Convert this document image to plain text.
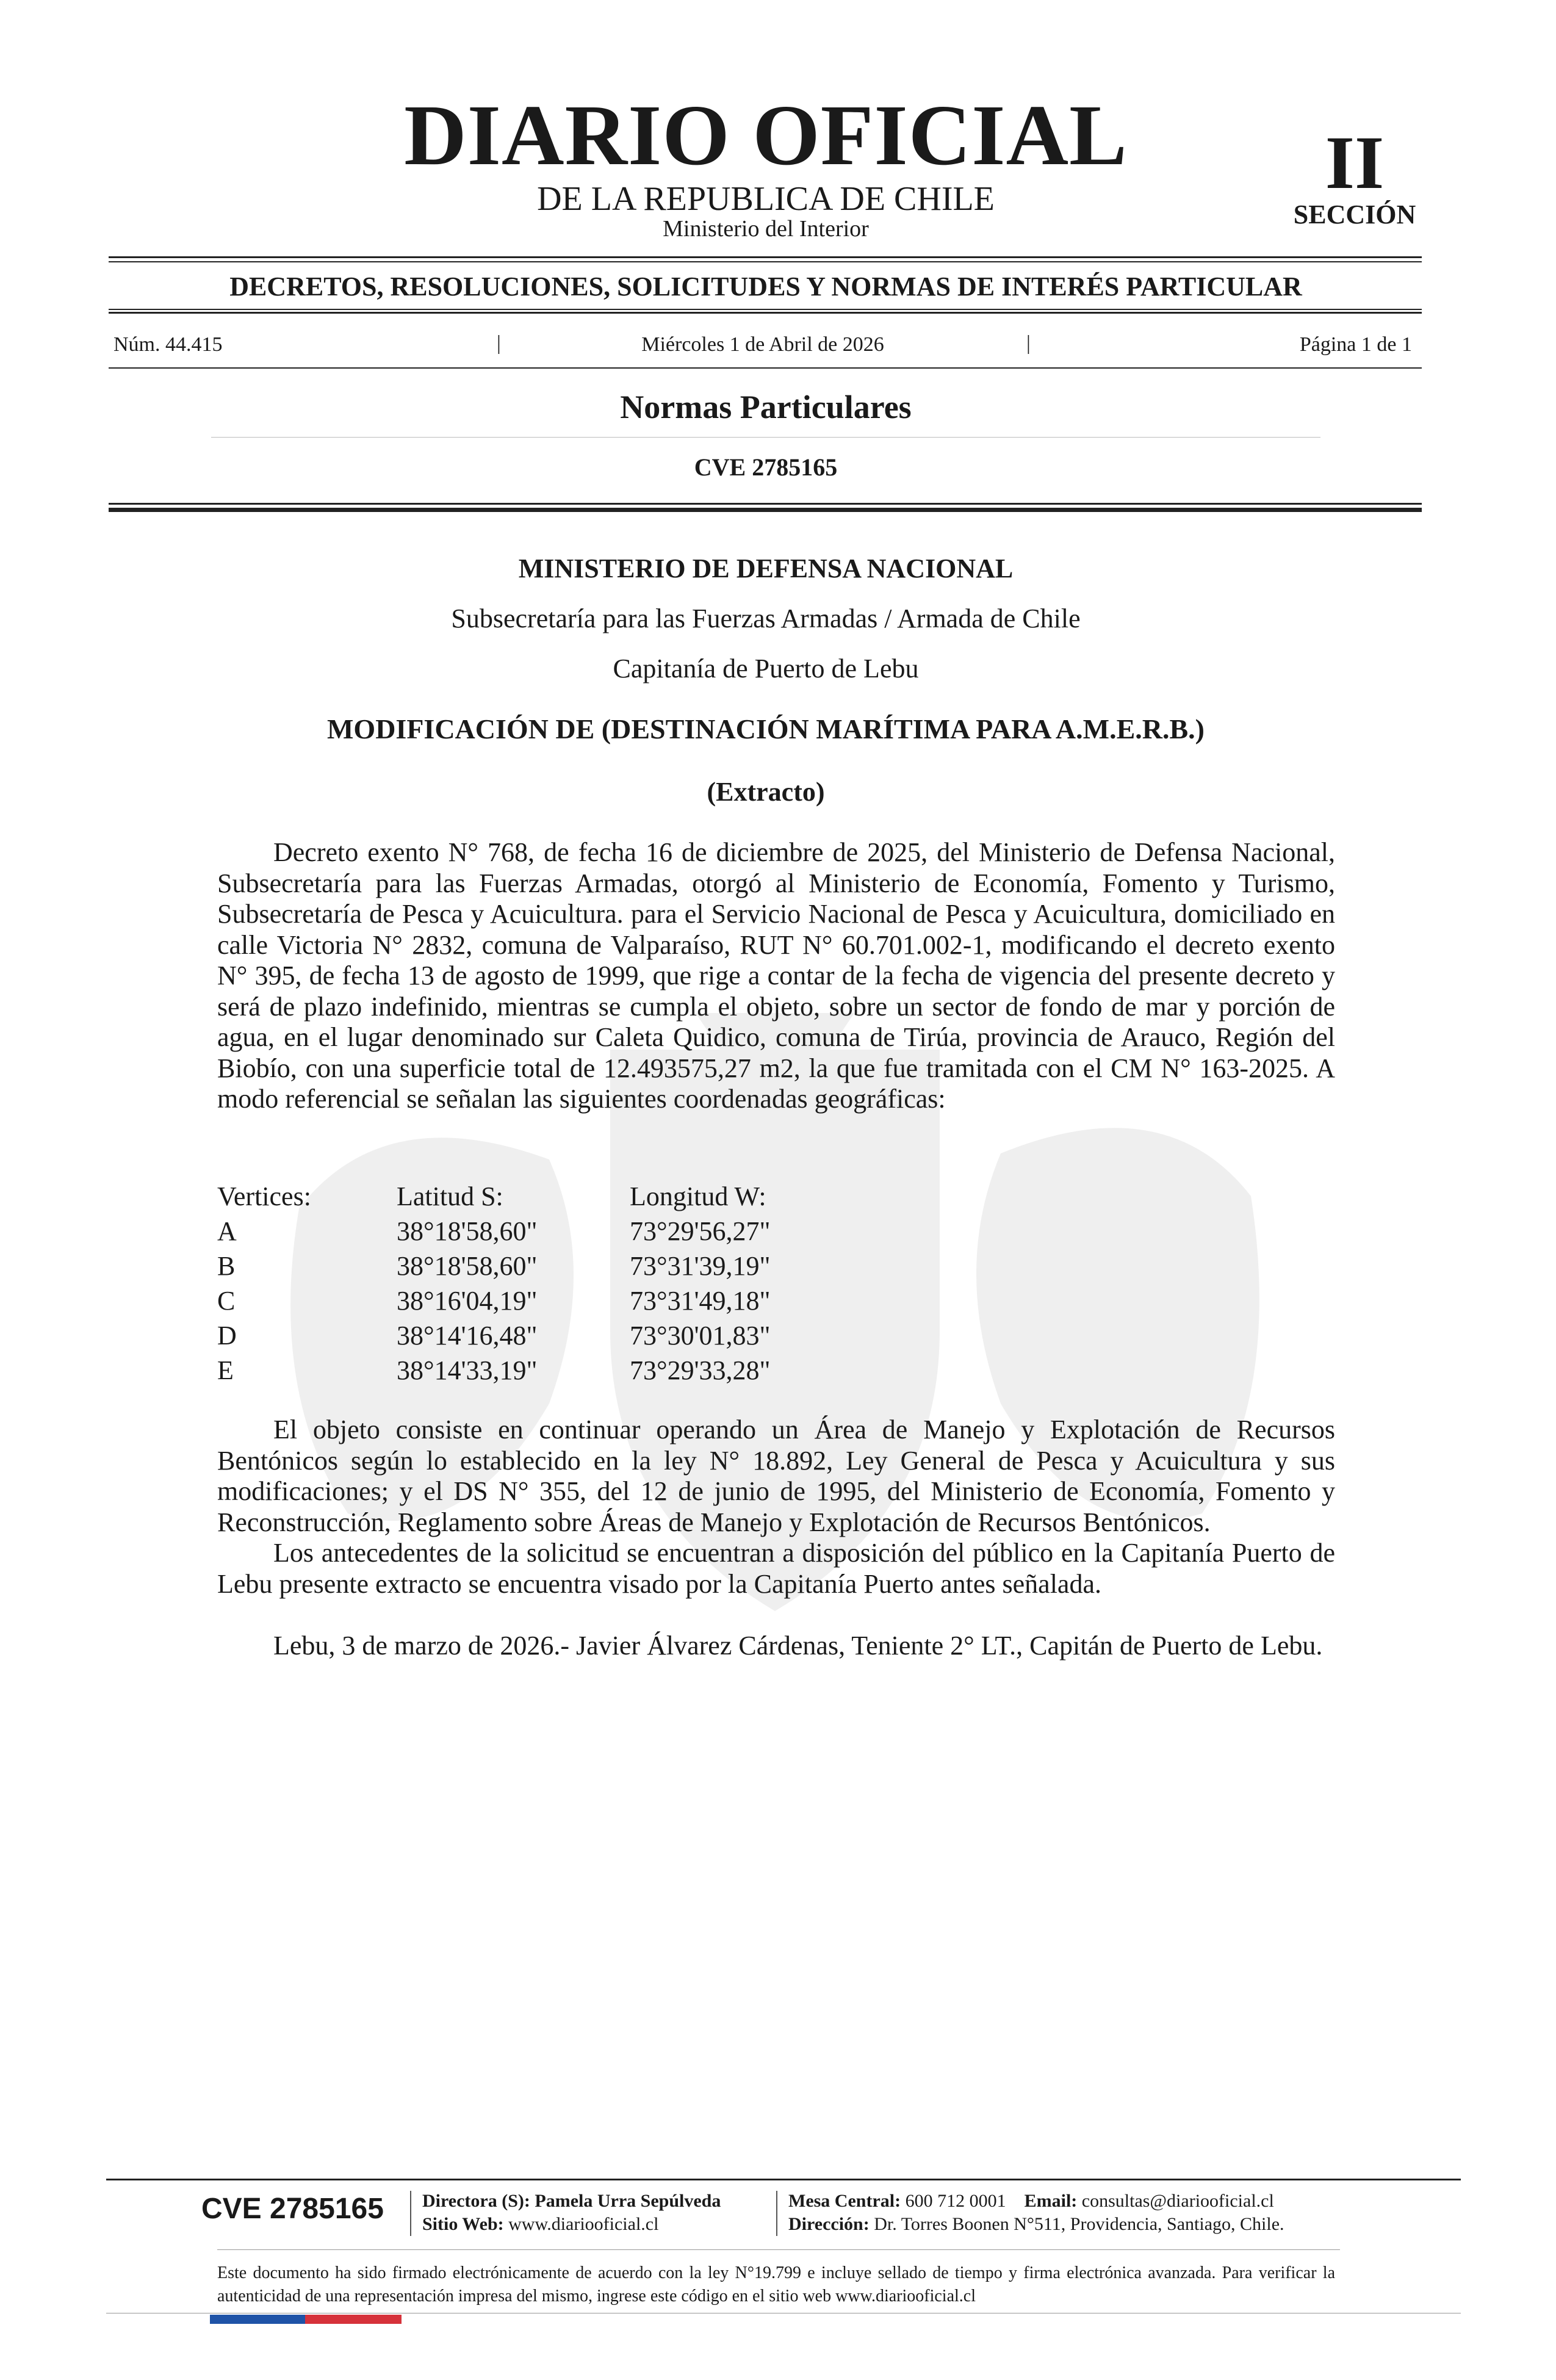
DIARIO OFICIAL
DE LA REPUBLICA DE CHILE
Ministerio del Interior
II
SECCIÓN
DECRETOS, RESOLUCIONES, SOLICITUDES Y NORMAS DE INTERÉS PARTICULAR
Núm. 44.415	|	Miércoles 1 de Abril de 2026	|	Página 1 de 1
Normas Particulares
CVE 2785165
MINISTERIO DE DEFENSA NACIONAL
Subsecretaría para las Fuerzas Armadas / Armada de Chile
Capitanía de Puerto de Lebu
MODIFICACIÓN DE (DESTINACIÓN MARÍTIMA PARA A.M.E.R.B.)
(Extracto)
Decreto exento N° 768, de fecha 16 de diciembre de 2025, del Ministerio de Defensa Nacional, Subsecretaría para las Fuerzas Armadas, otorgó al Ministerio de Economía, Fomento y Turismo, Subsecretaría de Pesca y Acuicultura. para el Servicio Nacional de Pesca y Acuicultura, domiciliado en calle Victoria N° 2832, comuna de Valparaíso, RUT N° 60.701.002-1, modificando el decreto exento N° 395, de fecha 13 de agosto de 1999, que rige a contar de la fecha de vigencia del presente decreto y será de plazo indefinido, mientras se cumpla el objeto, sobre un sector de fondo de mar y porción de agua, en el lugar denominado sur Caleta Quidico, comuna de Tirúa, provincia de Arauco, Región del Biobío, con una superficie total de 12.493575,27 m2, la que fue tramitada con el CM N° 163-2025. A modo referencial se señalan las siguientes coordenadas geográficas:
Vertices:	Latitud S:	Longitud W:
A	38°18'58,60"	73°29'56,27"
B	38°18'58,60"	73°31'39,19"
C	38°16'04,19"	73°31'49,18"
D	38°14'16,48"	73°30'01,83"
E	38°14'33,19"	73°29'33,28"
El objeto consiste en continuar operando un Área de Manejo y Explotación de Recursos Bentónicos según lo establecido en la ley N° 18.892, Ley General de Pesca y Acuicultura y sus modificaciones; y el DS N° 355, del 12 de junio de 1995, del Ministerio de Economía, Fomento y Reconstrucción, Reglamento sobre Áreas de Manejo y Explotación de Recursos Bentónicos.
Los antecedentes de la solicitud se encuentran a disposición del público en la Capitanía Puerto de Lebu presente extracto se encuentra visado por la Capitanía Puerto antes señalada.
Lebu, 3 de marzo de 2026.- Javier Álvarez Cárdenas, Teniente 2° LT., Capitán de Puerto de Lebu.
CVE 2785165	Directora (S): Pamela Urra Sepúlveda
Sitio Web: www.diariooficial.cl
Mesa Central: 600 712 0001 Email: consultas@diariooficial.cl
Dirección: Dr. Torres Boonen N°511, Providencia, Santiago, Chile.
Este documento ha sido firmado electrónicamente de acuerdo con la ley N°19.799 e incluye sellado de tiempo y firma electrónica avanzada. Para verificar la autenticidad de una representación impresa del mismo, ingrese este código en el sitio web www.diariooficial.cl
